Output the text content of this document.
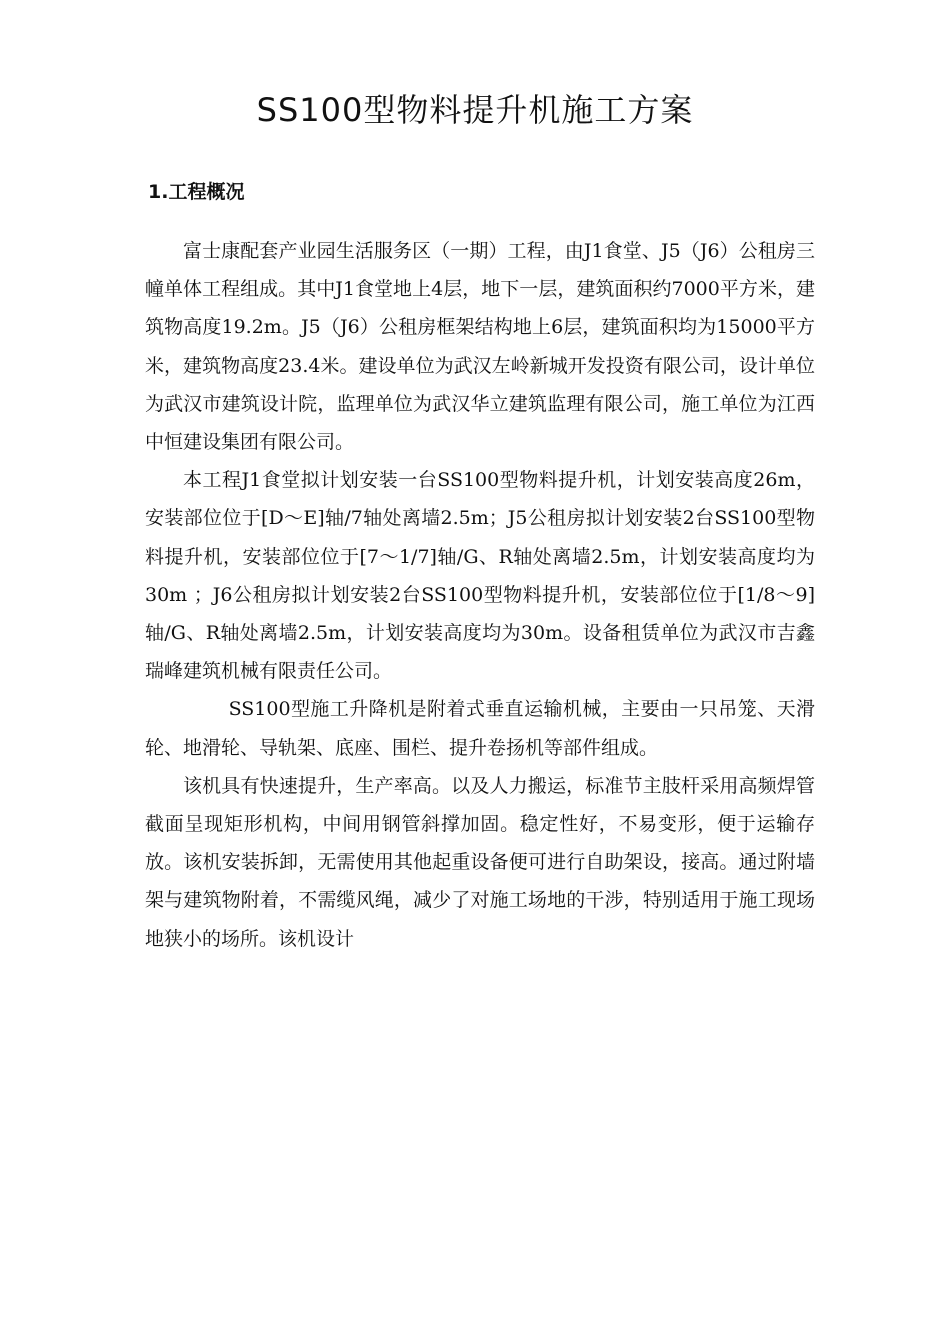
SS100型物料提升机施工方案
1.工程概况

富士康配套产业园生活服务区（一期）工程，由J1食堂、J5（J6）公租房三幢单体工程组成。其中J1食堂地上4层，地下一层，建筑面积约7000平方米，建筑物高度19.2m。J5（J6）公租房框架结构地上6层，建筑面积均为15000平方米，建筑物高度23.4米。建设单位为武汉左岭新城开发投资有限公司，设计单位为武汉市建筑设计院，监理单位为武汉华立建筑监理有限公司，施工单位为江西中恒建设集团有限公司。

本工程J1食堂拟计划安装一台SS100型物料提升机，计划安装高度26m，安装部位位于[D～E]轴/7轴处离墙2.5m；J5公租房拟计划安装2台SS100型物料提升机，安装部位位于[7～1/7]轴/G、R轴处离墙2.5m，计划安装高度均为30m ；J6公租房拟计划安装2台SS100型物料提升机，安装部位位于[1/8～9]轴/G、R轴处离墙2.5m，计划安装高度均为30m。设备租赁单位为武汉市吉鑫瑞峰建筑机械有限责任公司。

SS100型施工升降机是附着式垂直运输机械，主要由一只吊笼、天滑轮、地滑轮、导轨架、底座、围栏、提升卷扬机等部件组成。

该机具有快速提升，生产率高。以及人力搬运，标准节主肢杆采用高频焊管截面呈现矩形机构，中间用钢管斜撑加固。稳定性好，不易变形，便于运输存放。该机安装拆卸，无需使用其他起重设备便可进行自助架设，接高。通过附墙架与建筑物附着，不需缆风绳，减少了对施工场地的干涉，特别适用于施工现场地狭小的场所。该机设计
